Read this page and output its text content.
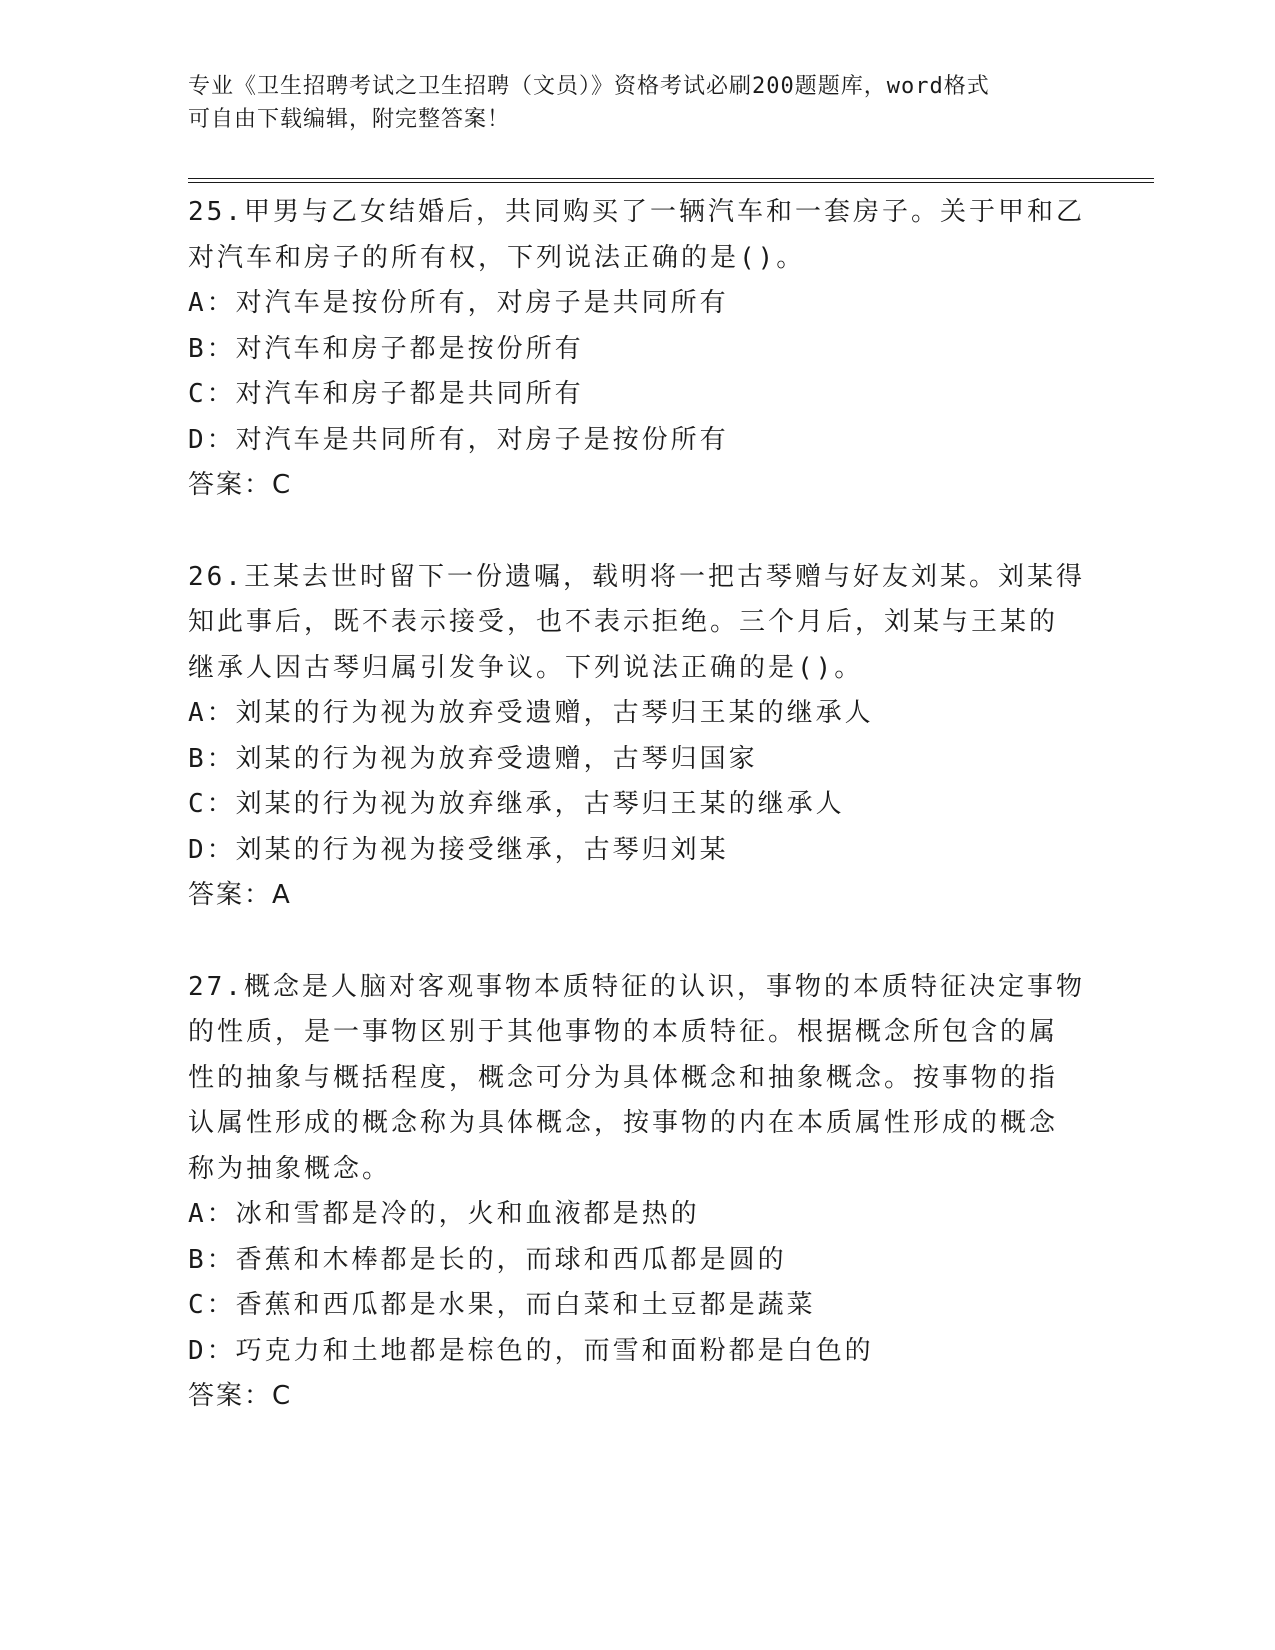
专业《卫生招聘考试之卫生招聘（文员）》资格考试必刷200题题库，word格式
可自由下载编辑，附完整答案！

25.甲男与乙女结婚后，共同购买了一辆汽车和一套房子。关于甲和乙

对汽车和房子的所有权，下列说法正确的是()。

A：对汽车是按份所有，对房子是共同所有

B：对汽车和房子都是按份所有

C：对汽车和房子都是共同所有

D：对汽车是共同所有，对房子是按份所有

答案：C

26.王某去世时留下一份遗嘱，载明将一把古琴赠与好友刘某。刘某得

知此事后，既不表示接受，也不表示拒绝。三个月后，刘某与王某的

继承人因古琴归属引发争议。下列说法正确的是()。

A：刘某的行为视为放弃受遗赠，古琴归王某的继承人

B：刘某的行为视为放弃受遗赠，古琴归国家

C：刘某的行为视为放弃继承，古琴归王某的继承人

D：刘某的行为视为接受继承，古琴归刘某

答案：A

27.概念是人脑对客观事物本质特征的认识，事物的本质特征决定事物

的性质，是一事物区别于其他事物的本质特征。根据概念所包含的属

性的抽象与概括程度，概念可分为具体概念和抽象概念。按事物的指

认属性形成的概念称为具体概念，按事物的内在本质属性形成的概念

称为抽象概念。

A：冰和雪都是冷的，火和血液都是热的

B：香蕉和木棒都是长的，而球和西瓜都是圆的

C：香蕉和西瓜都是水果，而白菜和土豆都是蔬菜

D：巧克力和土地都是棕色的，而雪和面粉都是白色的

答案：C
